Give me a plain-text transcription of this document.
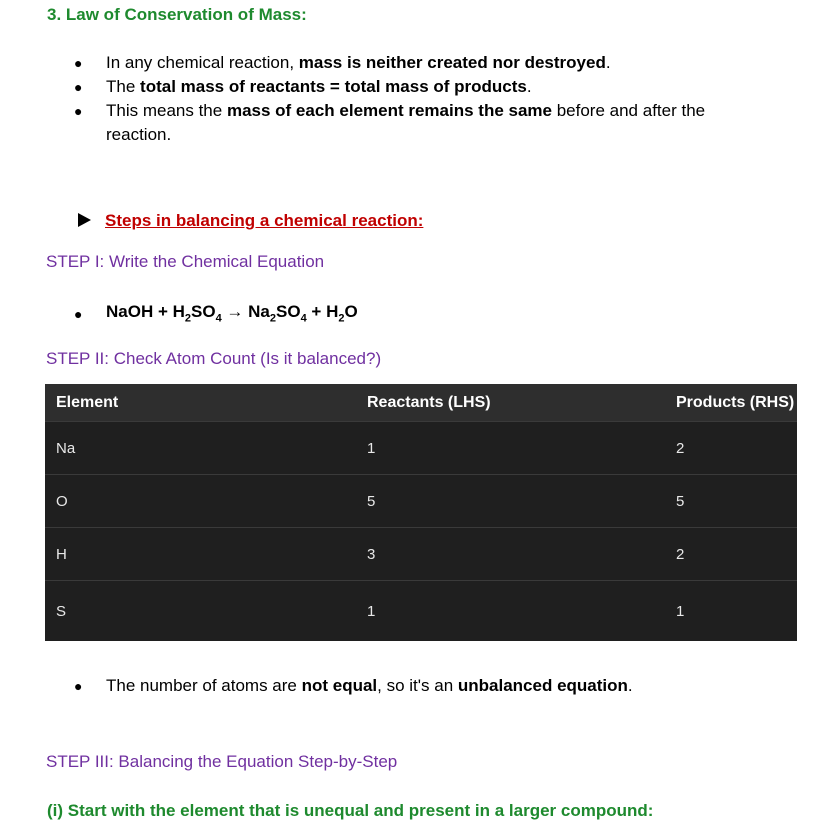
3. Law of Conservation of Mass:
● In any chemical reaction, mass is neither created nor destroyed.
● The total mass of reactants = total mass of products.
● This means the mass of each element remains the same before and after the
reaction.
Steps in balancing a chemical reaction:
STEP I: Write the Chemical Equation
● NaOH + $H_2SO_4 \to Na_2SO_4 + H_2O$
STEP II: Check Atom Count (Is it balanced?)
Element	Reactants (LHS)	Products (RHS)
Na	1	2
O	5	5
H	3	2
S	1	1
● The number of atoms are not equal, so it's an unbalanced equation.
STEP III: Balancing the Equation Step-by-Step
(i) Start with the element that is unequal and present in a larger compound:
